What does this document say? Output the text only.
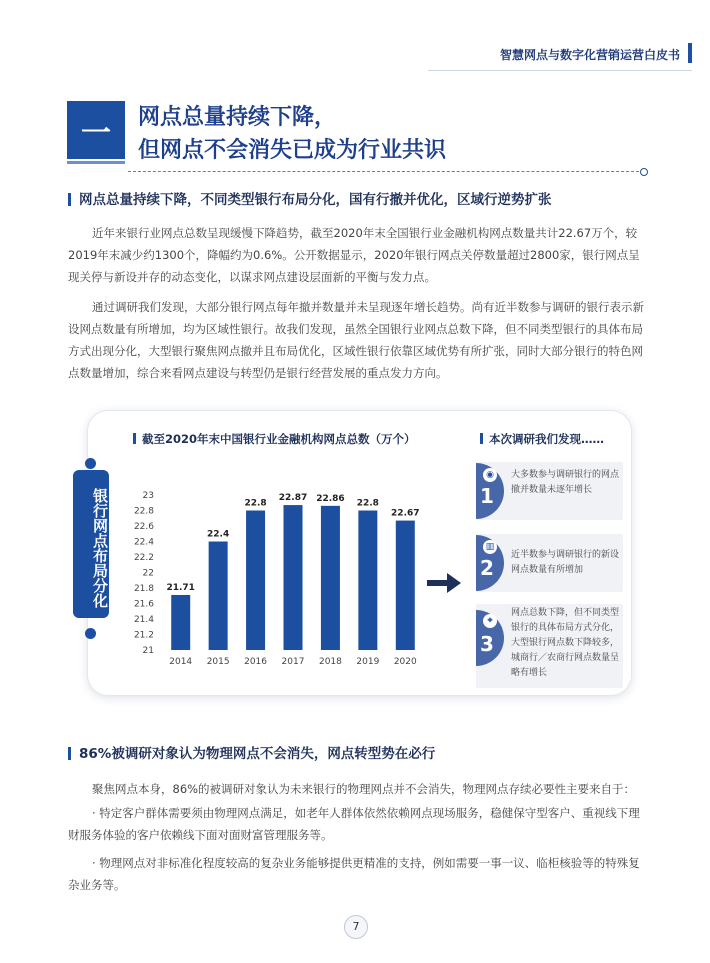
智慧网点与数字化营销运营白皮书
一	网点总量持续下降，
但网点不会消失已成为行业共识
网点总量持续下降，不同类型银行布局分化，国有行撤并优化，区域行逆势扩张
近年来银行业网点总数呈现缓慢下降趋势，截至2020年末全国银行业金融机构网点数量共计22.67万个，较2019年末减少约1300个，降幅约为0.6%。公开数据显示，2020年银行网点关停数量超过2800家，银行网点呈现关停与新设并存的动态变化，以谋求网点建设层面新的平衡与发力点。
通过调研我们发现，大部分银行网点每年撤并数量并未呈现逐年增长趋势。尚有近半数参与调研的银行表示新设网点数量有所增加，均为区域性银行。故我们发现，虽然全国银行业网点总数下降，但不同类型银行的具体布局方式出现分化，大型银行聚焦网点撤并且布局优化，区域性银行依靠区域优势有所扩张，同时大部分银行的特色网点数量增加，综合来看网点建设与转型仍是银行经营发展的重点发力方向。
银行网点布局分化
截至2020年末中国银行业金融机构网点总数（万个）	本次调研我们发现……
23
22.8
22.6
22.4
22.2
22
21.8
21.6
21.4
21.2
21
21.71
2014
22.4
2015
22.8
2016
22.87
2017
22.86
2018
22.8
2019
22.67
2020
◉
1
大多数参与调研银行的网点撤并数量未逐年增长
▥
2
近半数参与调研银行的新设网点数量有所增加
⌖
3
网点总数下降，但不同类型银行的具体布局方式分化，大型银行网点数下降较多，城商行／农商行网点数量呈略有增长
86%被调研对象认为物理网点不会消失，网点转型势在必行
聚焦网点本身，86%的被调研对象认为未来银行的物理网点并不会消失，物理网点存续必要性主要来自于：
· 特定客户群体需要须由物理网点满足，如老年人群体依然依赖网点现场服务，稳健保守型客户、重视线下理财服务体验的客户依赖线下面对面财富管理服务等。
· 物理网点对非标准化程度较高的复杂业务能够提供更精准的支持，例如需要一事一议、临柜核验等的特殊复杂业务等。
7
